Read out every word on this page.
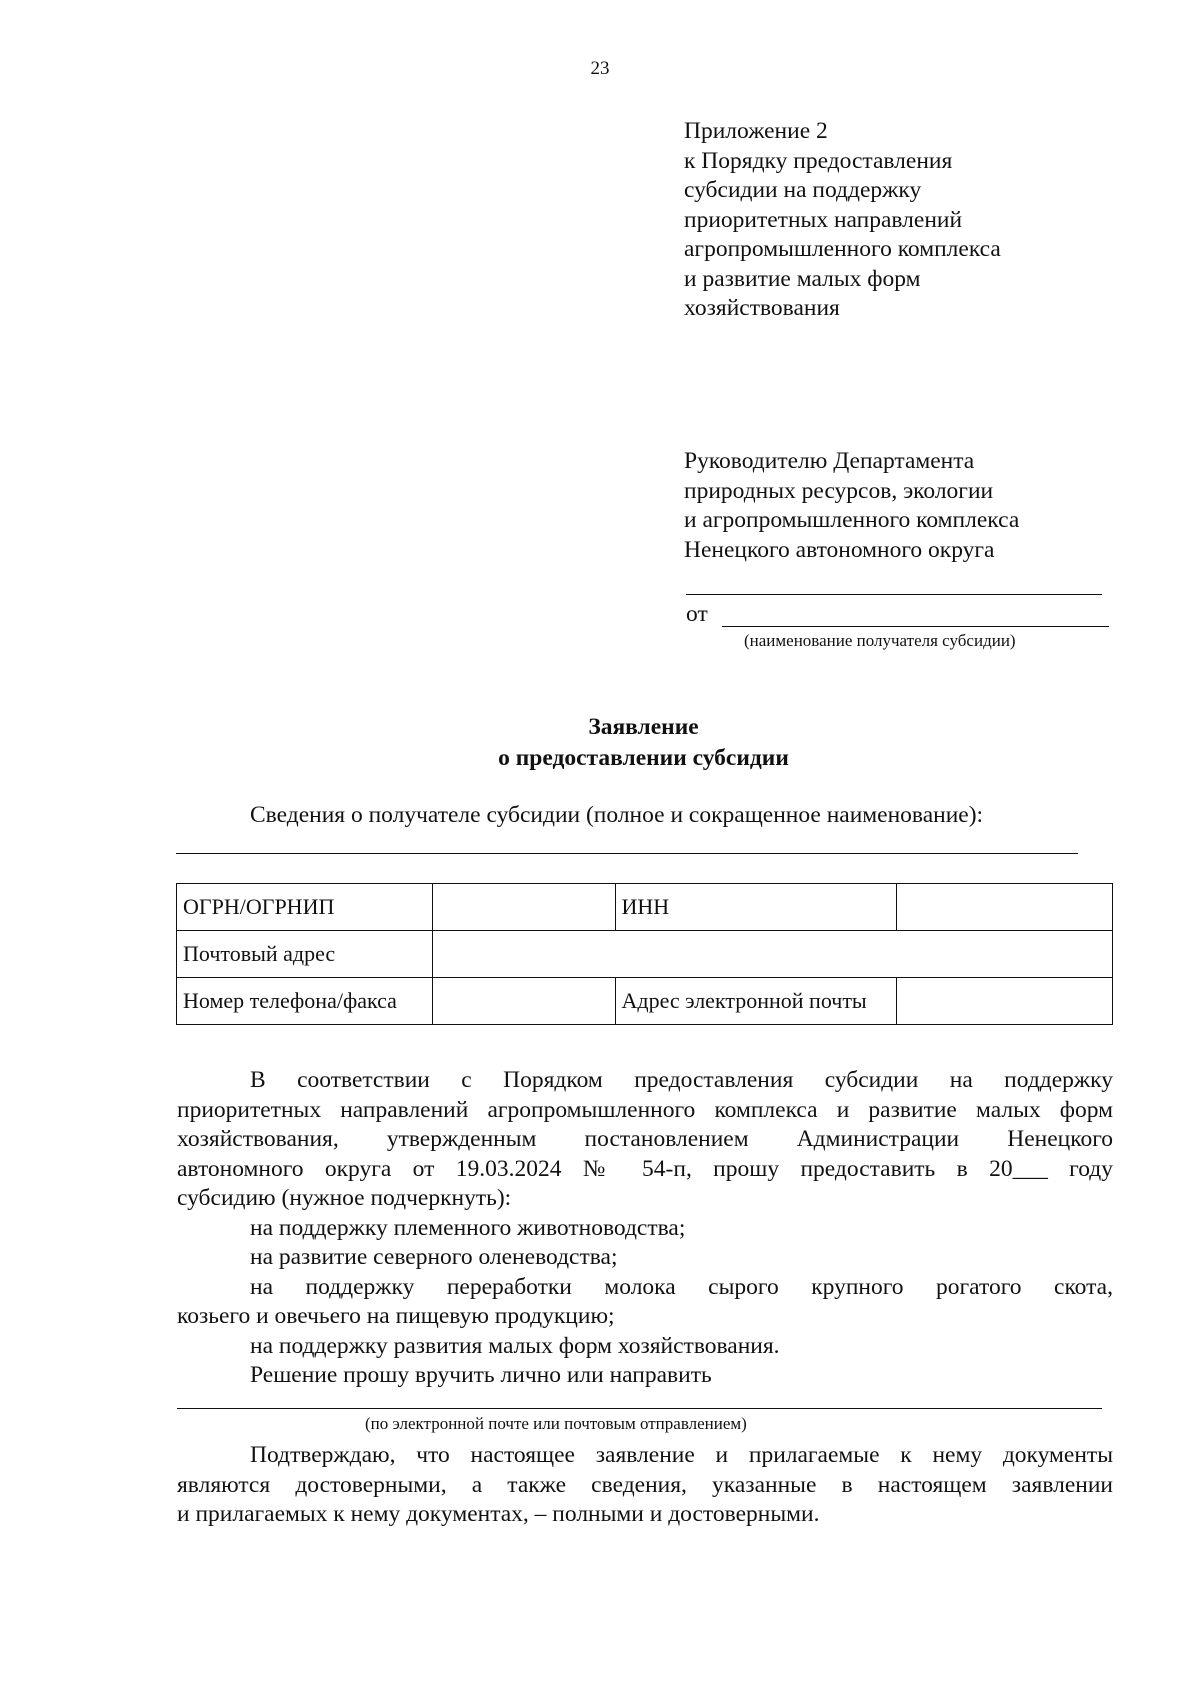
23
Приложение 2
к Порядку предоставления
субсидии на поддержку
приоритетных направлений
агропромышленного комплекса
и развитие малых форм
хозяйствования
Руководителю Департамента
природных ресурсов, экологии
и агропромышленного комплекса
Ненецкого автономного округа
от
(наименование получателя субсидии)
Заявление
о предоставлении субсидии
Сведения о получателе субсидии (полное и сокращенное наименование):
ОГРН/ОГРНИП		ИНН	
Почтовый адрес			
Номер телефона/факса		Адрес электронной почты	
В соответствии с Порядком предоставления субсидии на поддержку
приоритетных направлений агропромышленного комплекса и развитие малых форм
хозяйствования, утвержденным постановлением Администрации Ненецкого
автономного округа от 19.03.2024 № 54-п, прошу предоставить в 20___ году
субсидию (нужное подчеркнуть):
на поддержку племенного животноводства;
на развитие северного оленеводства;
на поддержку переработки молока сырого крупного рогатого скота,
козьего и овечьего на пищевую продукцию;
на поддержку развития малых форм хозяйствования.
Решение прошу вручить лично или направить
(по электронной почте или почтовым отправлением)
Подтверждаю, что настоящее заявление и прилагаемые к нему документы
являются достоверными, а также сведения, указанные в настоящем заявлении
и прилагаемых к нему документах, – полными и достоверными.
